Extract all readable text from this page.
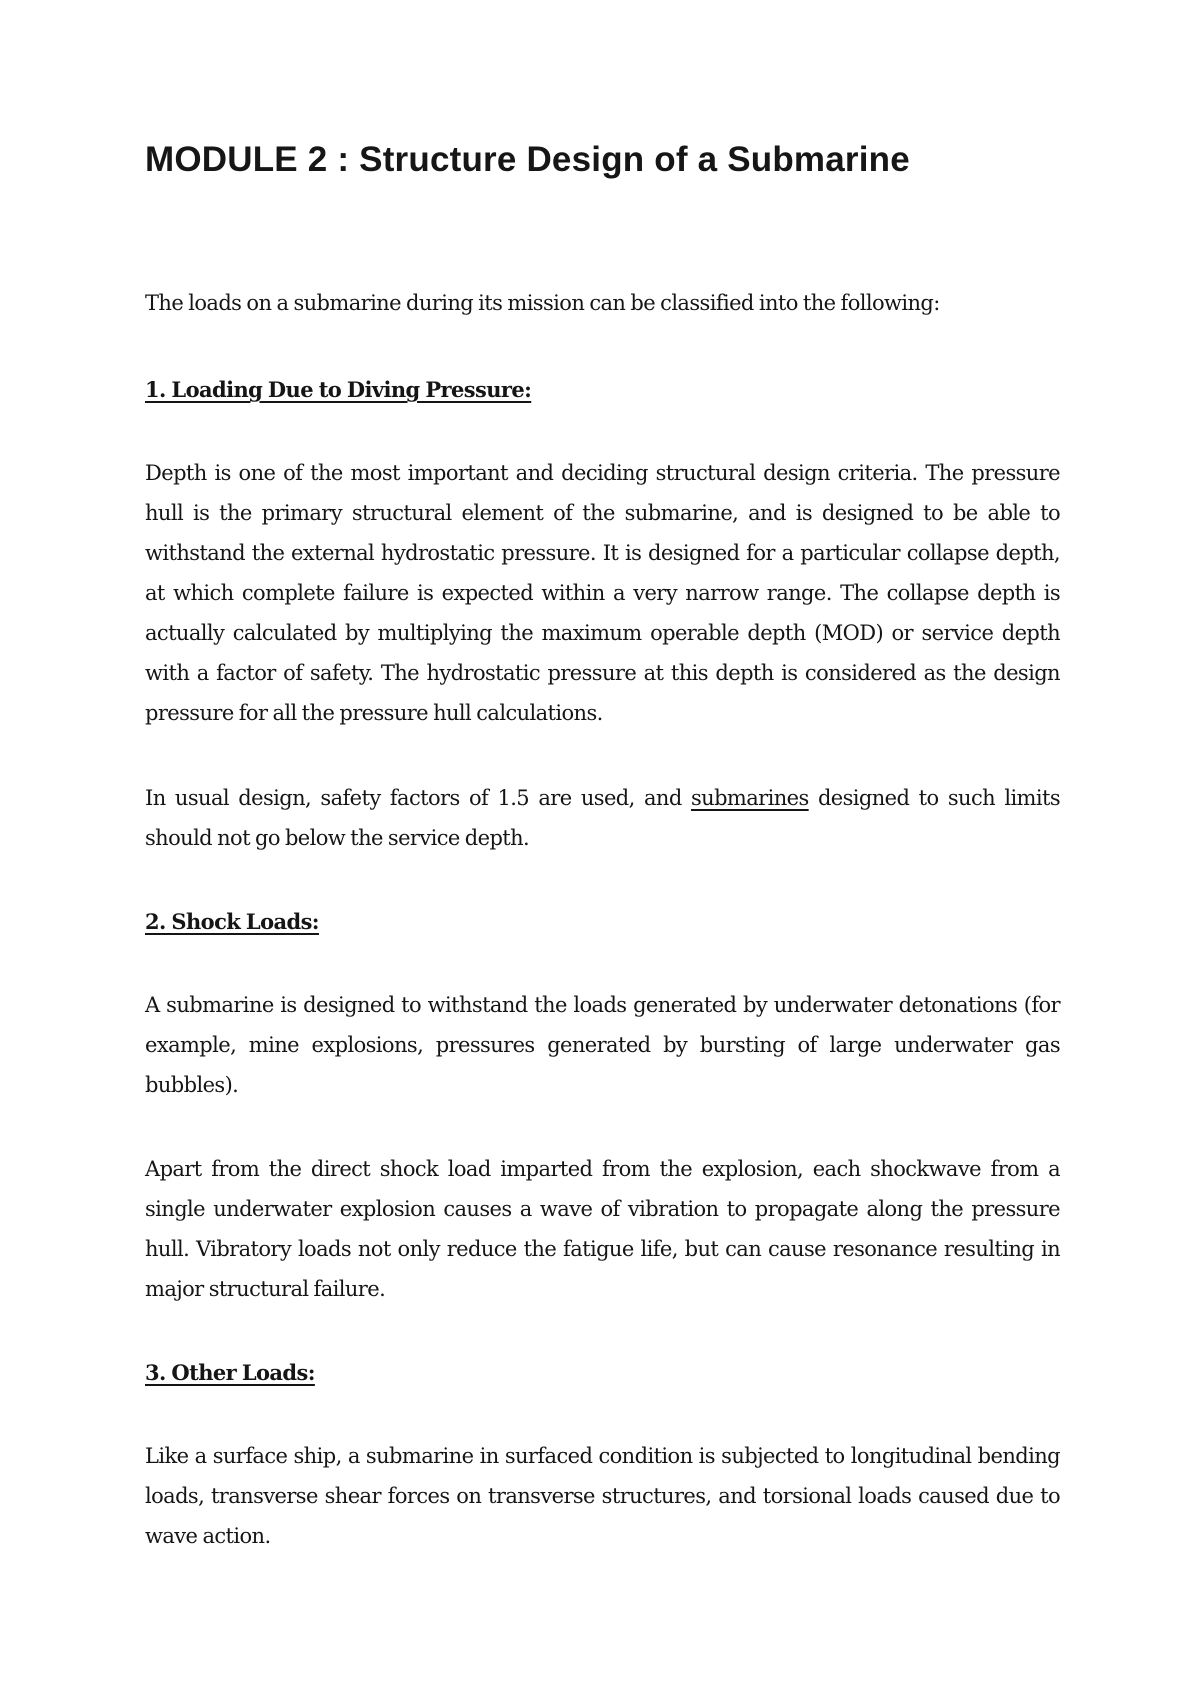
MODULE 2 : Structure Design of a Submarine

The loads on a submarine during its mission can be classified into the following:

1. Loading Due to Diving Pressure:

Depth is one of the most important and deciding structural design criteria. The pressure hull is the primary structural element of the submarine, and is designed to be able to withstand the external hydrostatic pressure. It is designed for a particular collapse depth, at which complete failure is expected within a very narrow range. The collapse depth is actually calculated by multiplying the maximum operable depth (MOD) or service depth with a factor of safety. The hydrostatic pressure at this depth is considered as the design pressure for all the pressure hull calculations.

In usual design, safety factors of 1.5 are used, and submarines designed to such limits should not go below the service depth.

2. Shock Loads:

A submarine is designed to withstand the loads generated by underwater detonations (for example, mine explosions, pressures generated by bursting of large underwater gas bubbles).

Apart from the direct shock load imparted from the explosion, each shockwave from a single underwater explosion causes a wave of vibration to propagate along the pressure hull. Vibratory loads not only reduce the fatigue life, but can cause resonance resulting in major structural failure.

3. Other Loads:

Like a surface ship, a submarine in surfaced condition is subjected to longitudinal bending loads, transverse shear forces on transverse structures, and torsional loads caused due to wave action.
